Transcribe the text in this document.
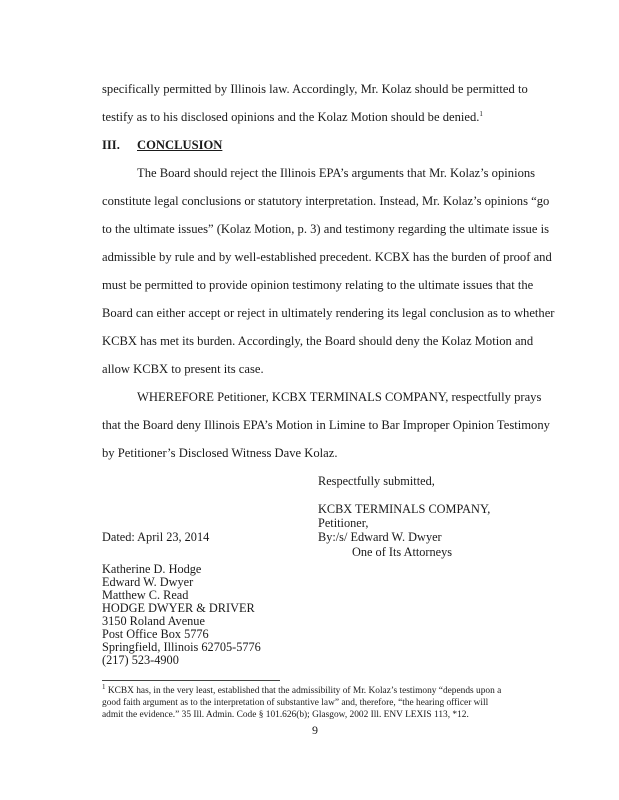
specifically permitted by Illinois law. Accordingly, Mr. Kolaz should be permitted to
testify as to his disclosed opinions and the Kolaz Motion should be denied.$^1$
III. CONCLUSION
The Board should reject the Illinois EPA’s arguments that Mr. Kolaz’s opinions
constitute legal conclusions or statutory interpretation. Instead, Mr. Kolaz’s opinions “go
to the ultimate issues” (Kolaz Motion, p. 3) and testimony regarding the ultimate issue is
admissible by rule and by well-established precedent. KCBX has the burden of proof and
must be permitted to provide opinion testimony relating to the ultimate issues that the
Board can either accept or reject in ultimately rendering its legal conclusion as to whether
KCBX has met its burden. Accordingly, the Board should deny the Kolaz Motion and
allow KCBX to present its case.
WHEREFORE Petitioner, KCBX TERMINALS COMPANY, respectfully prays
that the Board deny Illinois EPA’s Motion in Limine to Bar Improper Opinion Testimony
by Petitioner’s Disclosed Witness Dave Kolaz.
Respectfully submitted,
KCBX TERMINALS COMPANY,
Petitioner,
Dated: April 23, 2014	By:/s/ Edward W. Dwyer
One of Its Attorneys
Katherine D. Hodge
Edward W. Dwyer
Matthew C. Read
HODGE DWYER & DRIVER
3150 Roland Avenue
Post Office Box 5776
Springfield, Illinois 62705-5776
(217) 523-4900
$^1$ KCBX has, in the very least, established that the admissibility of Mr. Kolaz’s testimony “depends upon a
good faith argument as to the interpretation of substantive law” and, therefore, “the hearing officer will
admit the evidence.” 35 Ill. Admin. Code § 101.626(b); Glasgow, 2002 Ill. ENV LEXIS 113, *12.
9
